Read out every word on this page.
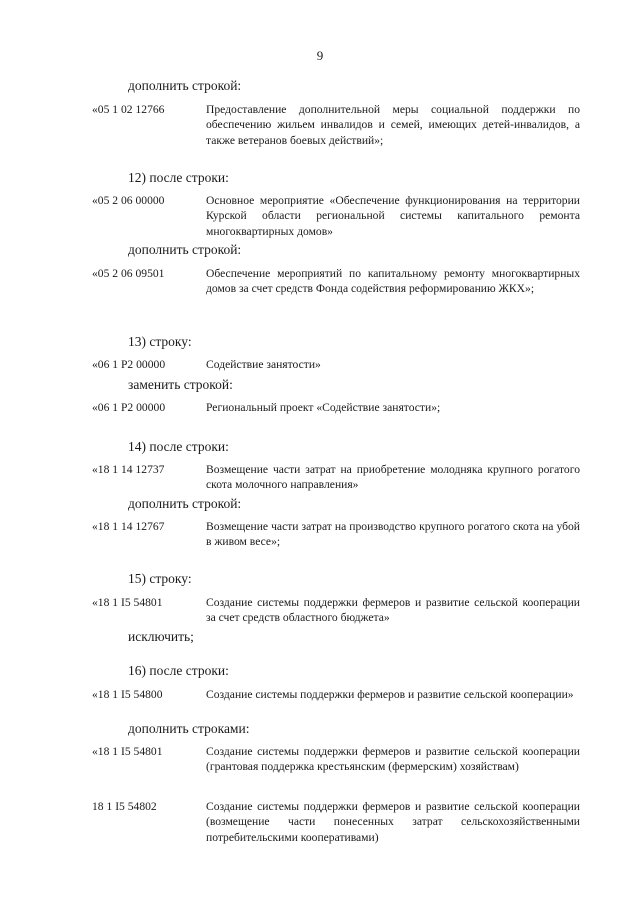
9
дополнить строкой:
«05 1 02 12766	Предоставление дополнительной меры социальной поддержки по обеспечению жильем инвалидов и семей, имеющих детей-инвалидов, а также ветеранов боевых действий»;
12) после строки:
«05 2 06 00000	Основное мероприятие «Обеспечение функционирования на территории Курской области региональной системы капитального ремонта многоквартирных домов»
дополнить строкой:
«05 2 06 09501	Обеспечение мероприятий по капитальному ремонту многоквартирных домов за счет средств Фонда содействия реформированию ЖКХ»;
13) строку:
«06 1 Р2 00000	Содействие занятости»
заменить строкой:
«06 1 Р2 00000	Региональный проект «Содействие занятости»;
14) после строки:
«18 1 14 12737	Возмещение части затрат на приобретение молодняка крупного рогатого скота молочного направления»
дополнить строкой:
«18 1 14 12767	Возмещение части затрат на производство крупного рогатого скота на убой в живом весе»;
15) строку:
«18 1 I5 54801	Создание системы поддержки фермеров и развитие сельской кооперации за счет средств областного бюджета»
исключить;
16) после строки:
«18 1 I5 54800	Создание системы поддержки фермеров и развитие сельской кооперации»
дополнить строками:
«18 1 I5 54801	Создание системы поддержки фермеров и развитие сельской кооперации (грантовая поддержка крестьянским (фермерским) хозяйствам)
18 1 I5 54802	Создание системы поддержки фермеров и развитие сельской кооперации (возмещение части понесенных затрат сельскохозяйственными потребительскими кооперативами)
